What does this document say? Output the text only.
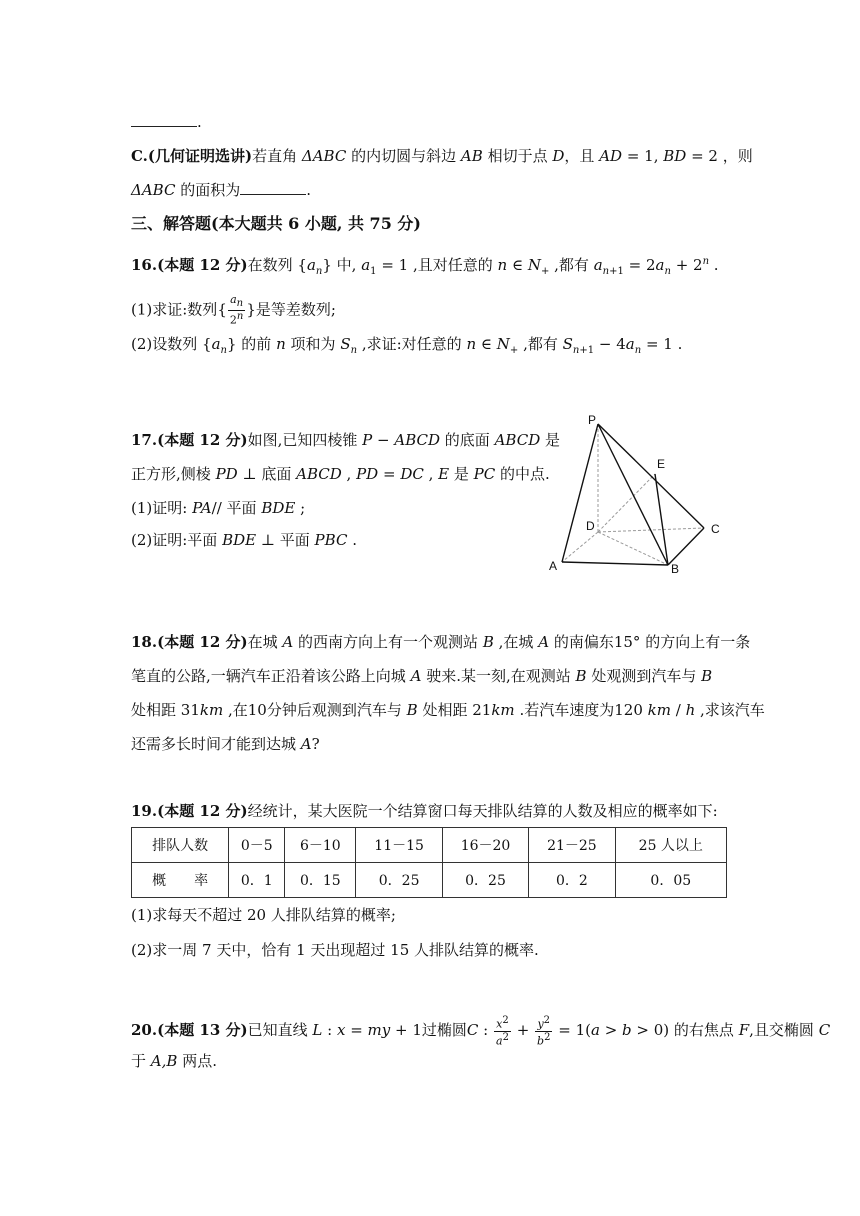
.
C.(几何证明选讲)若直角 ΔABC 的内切圆与斜边 AB 相切于点 D，且 AD = 1, BD = 2 ，则
ΔABC 的面积为	.
三、解答题(本大题共 6 小题, 共 75 分)
16.(本题 12 分)在数列 $\{a_n\}$ 中, $a_1 = 1$ ,且对任意的 n ∈ $N_+$ ,都有 $a_{n+1} = 2a_n + 2^n$ .
(1)求证:数列{ $\frac{a_n}{2^n}$ }是等差数列;
(2)设数列 $\{a_n\}$ 的前 n 项和为 $S_n$ ,求证:对任意的 n ∈ $N_+$ ,都有 $S_{n+1} - 4a_n = 1$ .
17.(本题 12 分)如图,已知四棱锥 P − ABCD 的底面 ABCD 是
正方形,侧棱 PD ⊥ 底面 ABCD , PD = DC , E 是 PC 的中点.
(1)证明: PA// 平面 BDE ;
(2)证明:平面 BDE ⊥ 平面 PBC .
P
E
D	C
A	B
18.(本题 12 分)在城 A 的西南方向上有一个观测站 B ,在城 A 的南偏东15° 的方向上有一条
笔直的公路,一辆汽车正沿着该公路上向城 A 驶来.某一刻,在观测站 B 处观测到汽车与 B
处相距 31km ,在10分钟后观测到汽车与 B 处相距 21km .若汽车速度为120 km / h ,求该汽车
还需多长时间才能到达城 A?
19.(本题 12 分)经统计，某大医院一个结算窗口每天排队结算的人数及相应的概率如下:
排队人数	0－5	6－10	11－15	16－20	21－25	25 人以上
概　　率	0．1	0．15	0．25	0．25	0．2	0．05
(1)求每天不超过 20 人排队结算的概率;
(2)求一周 7 天中，恰有 1 天出现超过 15 人排队结算的概率.
20.(本题 13 分)已知直线 L : x = my + 1过椭圆C : $\frac{x^2}{a^2} + \frac{y^2}{b^2} = 1(a > b > 0)$ 的右焦点 F,且交椭圆 C
于 A,B 两点.
